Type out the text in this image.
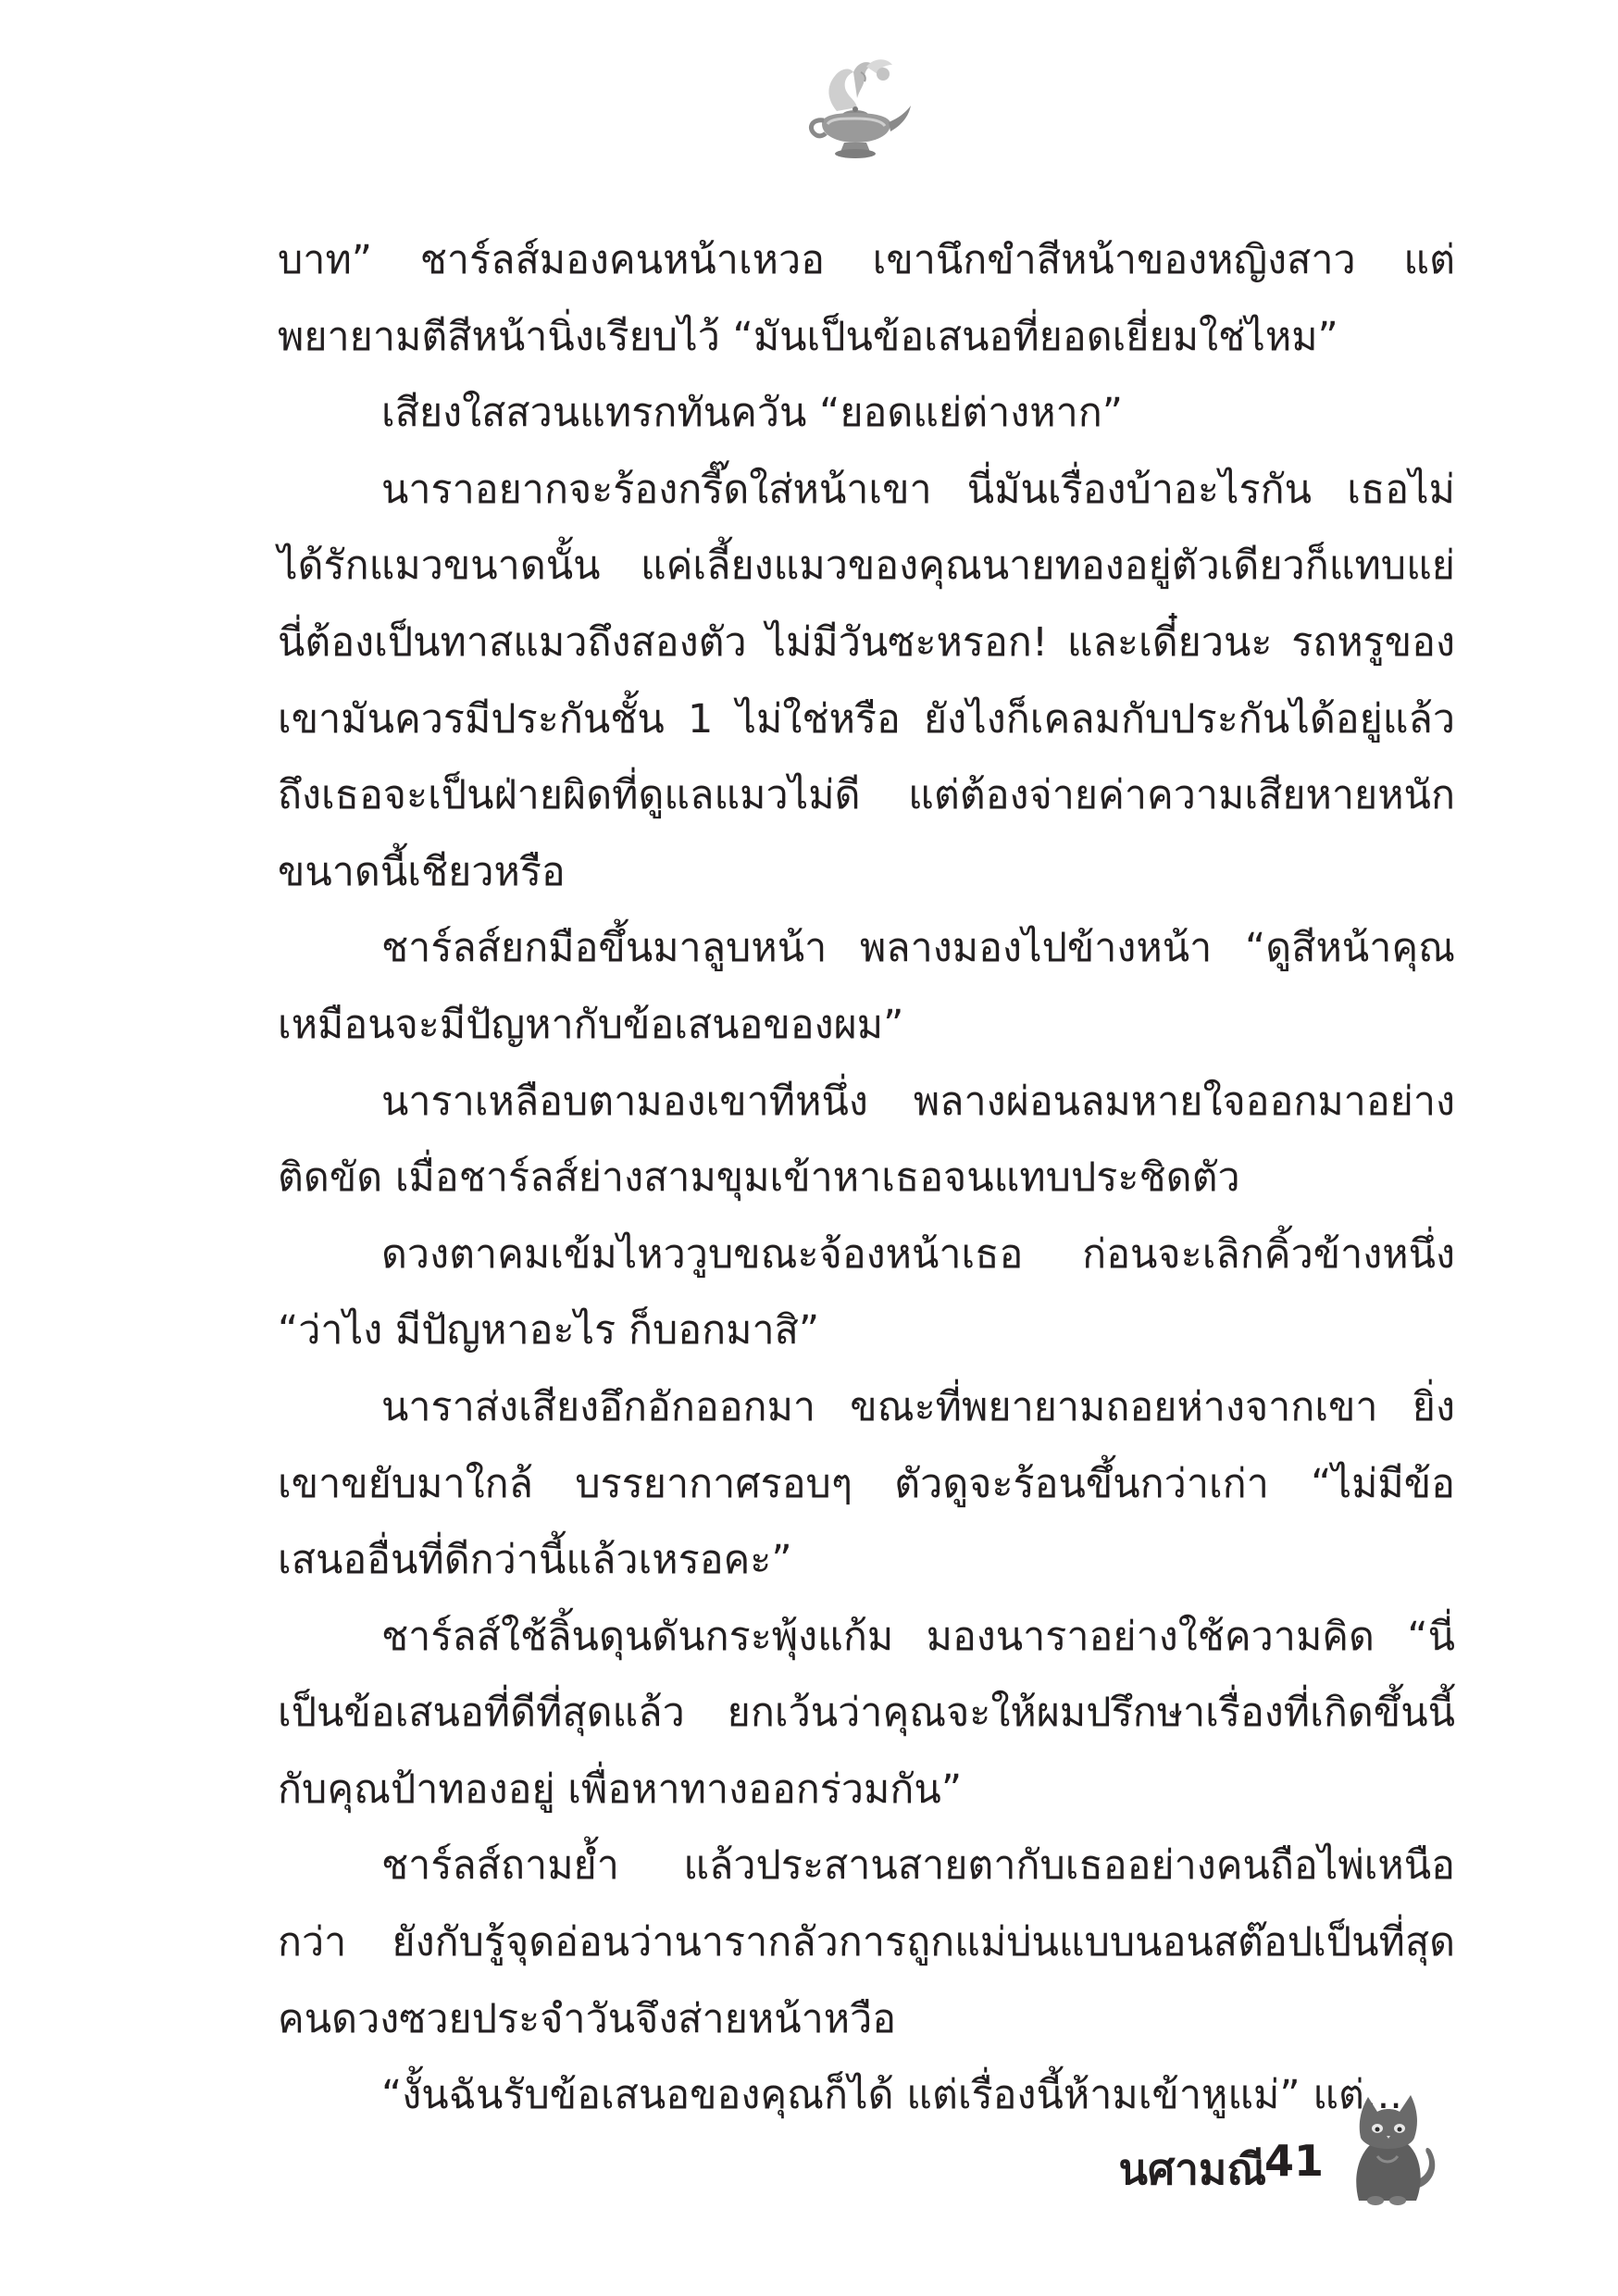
บาท” ชาร์ลส์มองคนหน้าเหวอ เขานึกขำสีหน้าของหญิงสาว แต่พยายามตีสีหน้านิ่งเรียบไว้ “มันเป็นข้อเสนอที่ยอดเยี่ยมใช่ไหม”

เสียงใสสวนแทรกทันควัน “ยอดแย่ต่างหาก”

นาราอยากจะร้องกรี๊ดใส่หน้าเขา นี่มันเรื่องบ้าอะไรกัน เธอไม่ได้รักแมวขนาดนั้น แค่เลี้ยงแมวของคุณนายทองอยู่ตัวเดียวก็แทบแย่ นี่ต้องเป็นทาสแมวถึงสองตัว ไม่มีวันซะหรอก! และเดี๋ยวนะ รถหรูของเขามันควรมีประกันชั้น 1 ไม่ใช่หรือ ยังไงก็เคลมกับประกันได้อยู่แล้ว ถึงเธอจะเป็นฝ่ายผิดที่ดูแลแมวไม่ดี แต่ต้องจ่ายค่าความเสียหายหนักขนาดนี้เชียวหรือ

ชาร์ลส์ยกมือขึ้นมาลูบหน้า พลางมองไปข้างหน้า “ดูสีหน้าคุณเหมือนจะมีปัญหากับข้อเสนอของผม”

นาราเหลือบตามองเขาทีหนึ่ง พลางผ่อนลมหายใจออกมาอย่างติดขัด เมื่อชาร์ลส์ย่างสามขุมเข้าหาเธอจนแทบประชิดตัว

ดวงตาคมเข้มไหววูบขณะจ้องหน้าเธอ ก่อนจะเลิกคิ้วข้างหนึ่ง “ว่าไง มีปัญหาอะไร ก็บอกมาสิ”

นาราส่งเสียงอึกอักออกมา ขณะที่พยายามถอยห่างจากเขา ยิ่งเขาขยับมาใกล้ บรรยากาศรอบๆ ตัวดูจะร้อนขึ้นกว่าเก่า “ไม่มีข้อเสนออื่นที่ดีกว่านี้แล้วเหรอคะ”

ชาร์ลส์ใช้ลิ้นดุนดันกระพุ้งแก้ม มองนาราอย่างใช้ความคิด “นี่เป็นข้อเสนอที่ดีที่สุดแล้ว ยกเว้นว่าคุณจะให้ผมปรึกษาเรื่องที่เกิดขึ้นนี้กับคุณป้าทองอยู่ เพื่อหาทางออกร่วมกัน”

ชาร์ลส์ถามย้ำ แล้วประสานสายตากับเธออย่างคนถือไพ่เหนือกว่า ยังกับรู้จุดอ่อนว่านารากลัวการถูกแม่บ่นแบบนอนสต๊อปเป็นที่สุด คนดวงซวยประจำวันจึงส่ายหน้าหวือ

“งั้นฉันรับข้อเสนอของคุณก็ได้ แต่เรื่องนี้ห้ามเข้าหูแม่” แต่...

นศามณี
41
